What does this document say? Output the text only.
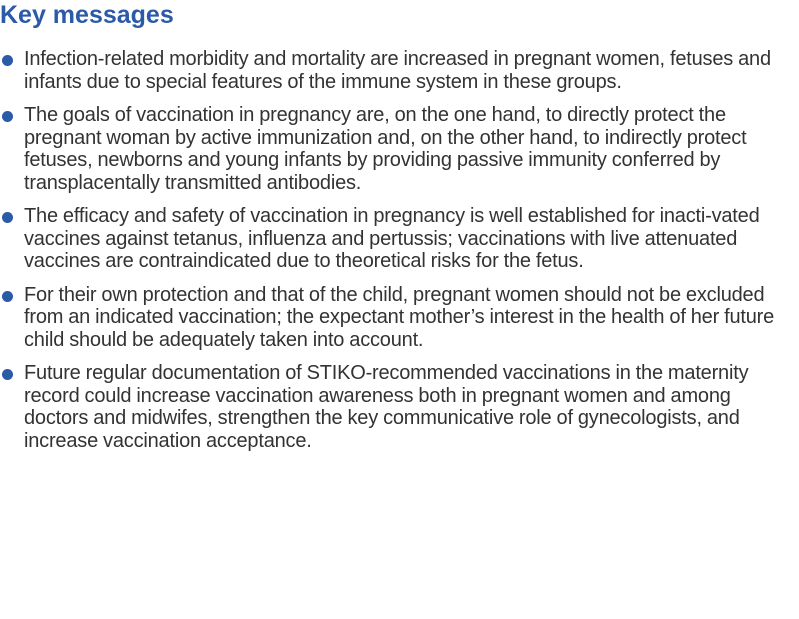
Key messages
Infection-related morbidity and mortality are increased in pregnant women, fetuses and infants due to special features of the immune system in these groups.
The goals of vaccination in pregnancy are, on the one hand, to directly protect the pregnant woman by active immunization and, on the other hand, to indirectly protect fetuses, newborns and young infants by providing passive immunity conferred by transplacentally transmitted antibodies.
The efficacy and safety of vaccination in pregnancy is well established for inacti-vated vaccines against tetanus, influenza and pertussis; vaccinations with live attenuated vaccines are contraindicated due to theoretical risks for the fetus.
For their own protection and that of the child, pregnant women should not be excluded from an indicated vaccination; the expectant mother’s interest in the health of her future child should be adequately taken into account.
Future regular documentation of STIKO-recommended vaccinations in the maternity record could increase vaccination awareness both in pregnant women and among doctors and midwifes, strengthen the key communicative role of gynecologists, and increase vaccination acceptance.
